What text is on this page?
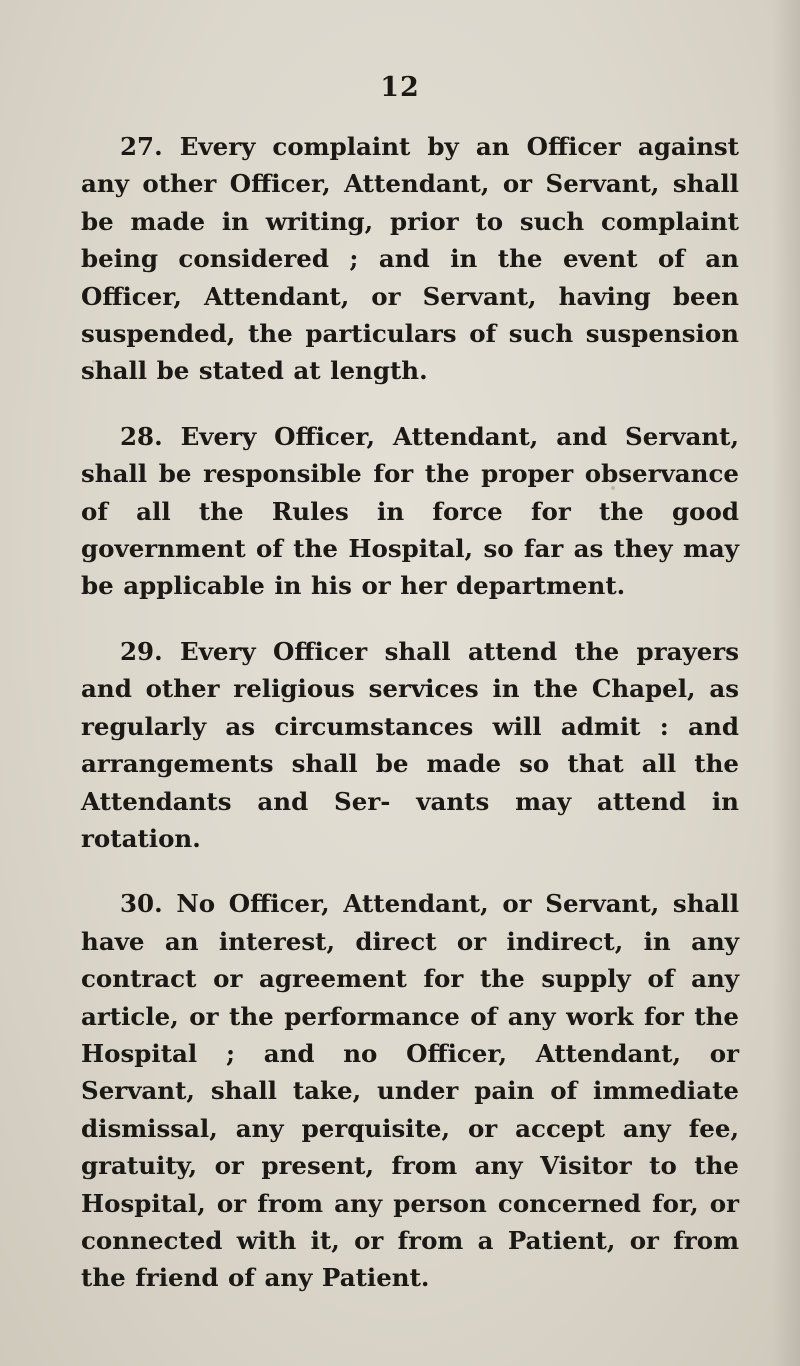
12

27. Every complaint by an Officer against any other Officer, Attendant, or Servant, shall be made in writing, prior to such complaint being considered ; and in the event of an Officer, Attendant, or Servant, having been suspended, the particulars of such suspension shall be stated at length.

28. Every Officer, Attendant, and Servant, shall be responsible for the proper observance of all the Rules in force for the good government of the Hospital, so far as they may be applicable in his or her department.

29. Every Officer shall attend the prayers and other religious services in the Chapel, as regularly as circumstances will admit : and arrangements shall be made so that all the Attendants and Ser- vants may attend in rotation.

30. No Officer, Attendant, or Servant, shall have an interest, direct or indirect, in any contract or agreement for the supply of any article, or the performance of any work for the Hospital ; and no Officer, Attendant, or Servant, shall take, under pain of immediate dismissal, any perquisite, or accept any fee, gratuity, or present, from any Visitor to the Hospital, or from any person concerned for, or connected with it, or from a Patient, or from the friend of any Patient.
